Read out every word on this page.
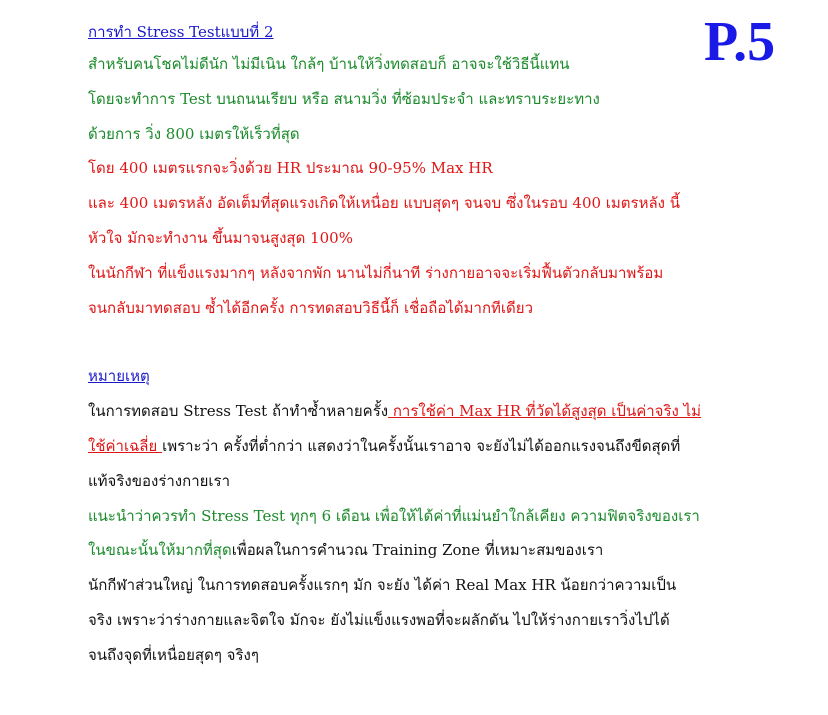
P.5
การทำ Stress Testแบบที่ 2
สำหรับคนโชคไม่ดีนัก ไม่มีเนิน ใกล้ๆ บ้านให้วิ่งทดสอบก็ อาจจะใช้วิธีนี้แทน
โดยจะทำการ Test บนถนนเรียบ หรือ สนามวิ่ง ที่ซ้อมประจำ และทราบระยะทาง
ด้วยการ วิ่ง 800 เมตรให้เร็วที่สุด
โดย 400 เมตรแรกจะวิ่งด้วย HR ประมาณ 90-95% Max HR
และ 400 เมตรหลัง อัดเต็มที่สุดแรงเกิดให้เหนื่อย แบบสุดๆ จนจบ ซึ่งในรอบ 400 เมตรหลัง นี้
หัวใจ มักจะทำงาน ขึ้นมาจนสูงสุด 100%
ในนักกีฬา ที่แข็งแรงมากๆ หลังจากพัก นานไม่กี่นาที ร่างกายอาจจะเริ่มฟื้นตัวกลับมาพร้อม
จนกลับมาทดสอบ ซ้ำได้อีกครั้ง การทดสอบวิธีนี้ก็ เชื่อถือได้มากทีเดียว
หมายเหตุ
ในการทดสอบ Stress Test ถ้าทำซ้ำหลายครั้ง การใช้ค่า Max HR ที่วัดได้สูงสุด เป็นค่าจริง ไม่
ใช้ค่าเฉลี่ย เพราะว่า ครั้งที่ต่ำกว่า แสดงว่าในครั้งนั้นเราอาจ จะยังไม่ได้ออกแรงจนถึงขีดสุดที่
แท้จริงของร่างกายเรา
แนะนำว่าควรทำ Stress Test ทุกๆ 6 เดือน เพื่อให้ได้ค่าที่แม่นยำใกล้เคียง ความฟิตจริงของเรา
ในขณะนั้นให้มากที่สุดเพื่อผลในการคำนวณ Training Zone ที่เหมาะสมของเรา
นักกีฬาส่วนใหญ่ ในการทดสอบครั้งแรกๆ มัก จะยัง ได้ค่า Real Max HR น้อยกว่าความเป็น
จริง เพราะว่าร่างกายและจิตใจ มักจะ ยังไม่แข็งแรงพอที่จะผลักดัน ไปให้ร่างกายเราวิ่งไปได้
จนถึงจุดที่เหนื่อยสุดๆ จริงๆ
